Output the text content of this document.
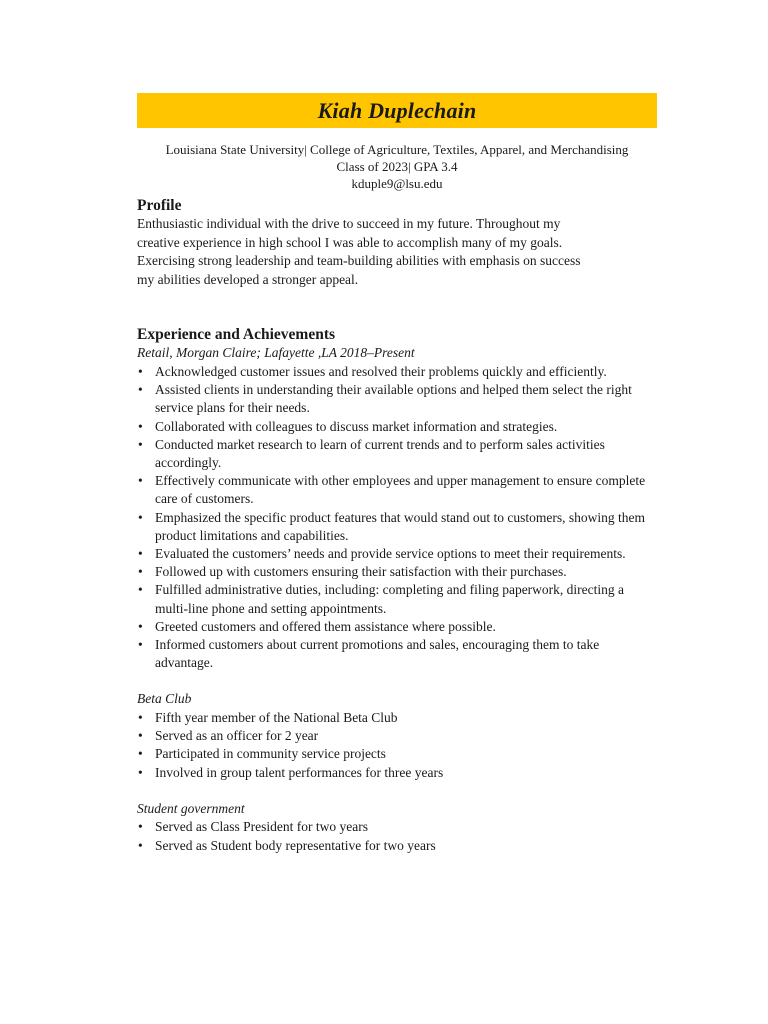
Kiah Duplechain
Louisiana State University| College of Agriculture, Textiles, Apparel, and Merchandising
Class of 2023| GPA 3.4
kduple9@lsu.edu
Profile
Enthusiastic individual with the drive to succeed in my future. Throughout my
creative experience in high school I was able to accomplish many of my goals.
Exercising strong leadership and team-building abilities with emphasis on success
my abilities developed a stronger appeal.
Experience and Achievements
Retail, Morgan Claire; Lafayette ,LA 2018–Present
• Acknowledged customer issues and resolved their problems quickly and efficiently.
• Assisted clients in understanding their available options and helped them select the right service plans for their needs.
• Collaborated with colleagues to discuss market information and strategies.
• Conducted market research to learn of current trends and to perform sales activities accordingly.
• Effectively communicate with other employees and upper management to ensure complete care of customers.
• Emphasized the specific product features that would stand out to customers, showing them product limitations and capabilities.
• Evaluated the customers’ needs and provide service options to meet their requirements.
• Followed up with customers ensuring their satisfaction with their purchases.
• Fulfilled administrative duties, including: completing and filing paperwork, directing a multi-line phone and setting appointments.
• Greeted customers and offered them assistance where possible.
• Informed customers about current promotions and sales, encouraging them to take advantage.
Beta Club
• Fifth year member of the National Beta Club
• Served as an officer for 2 year
• Participated in community service projects
• Involved in group talent performances for three years
Student government
• Served as Class President for two years
• Served as Student body representative for two years
